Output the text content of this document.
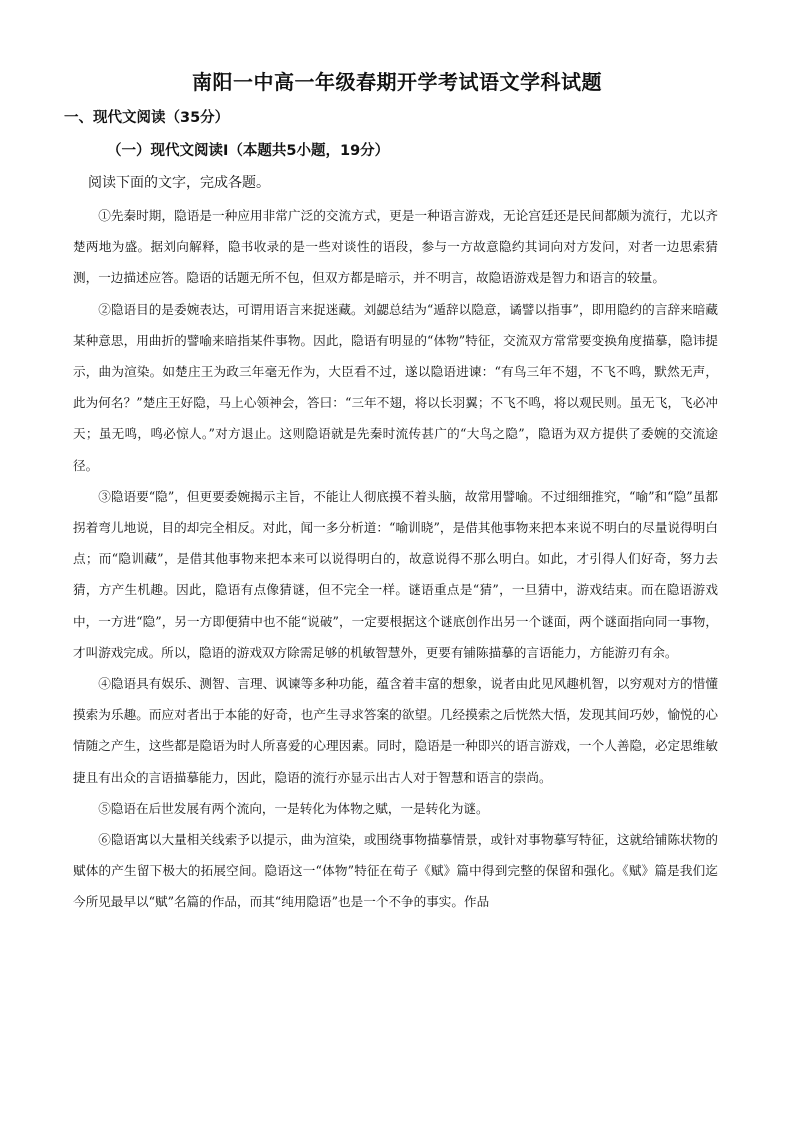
南阳一中高一年级春期开学考试语文学科试题
一、现代文阅读（35分）
（一）现代文阅读Ⅰ（本题共5小题，19分）

阅读下面的文字，完成各题。

①先秦时期，隐语是一种应用非常广泛的交流方式，更是一种语言游戏，无论宫廷还是民间都颇为流行，尤以齐楚两地为盛。据刘向解释，隐书收录的是一些对谈性的语段，参与一方故意隐约其词向对方发问，对者一边思索猜测，一边描述应答。隐语的话题无所不包，但双方都是暗示，并不明言，故隐语游戏是智力和语言的较量。

②隐语目的是委婉表达，可谓用语言来捉迷藏。刘勰总结为“遁辞以隐意，谲譬以指事”，即用隐约的言辞来暗藏某种意思，用曲折的譬喻来暗指某件事物。因此，隐语有明显的“体物”特征，交流双方常常要变换角度描摹，隐讳提示，曲为渲染。如楚庄王为政三年毫无作为，大臣看不过，遂以隐语进谏：“有鸟三年不翅，不飞不鸣，默然无声，此为何名？”楚庄王好隐，马上心领神会，答曰：“三年不翅，将以长羽翼；不飞不鸣，将以观民则。虽无飞，飞必冲天；虽无鸣，鸣必惊人。”对方退止。这则隐语就是先秦时流传甚广的“大鸟之隐”，隐语为双方提供了委婉的交流途径。

③隐语要“隐”，但更要委婉揭示主旨，不能让人彻底摸不着头脑，故常用譬喻。不过细细推究，“喻”和“隐”虽都拐着弯儿地说，目的却完全相反。对此，闻一多分析道：“喻训晓”，是借其他事物来把本来说不明白的尽量说得明白点；而“隐训藏”，是借其他事物来把本来可以说得明白的，故意说得不那么明白。如此，才引得人们好奇，努力去猜，方产生机趣。因此，隐语有点像猜谜，但不完全一样。谜语重点是“猜”，一旦猜中，游戏结束。而在隐语游戏中，一方进“隐”，另一方即便猜中也不能“说破”，一定要根据这个谜底创作出另一个谜面，两个谜面指向同一事物，才叫游戏完成。所以，隐语的游戏双方除需足够的机敏智慧外，更要有铺陈描摹的言语能力，方能游刃有余。

④隐语具有娱乐、测智、言理、讽谏等多种功能，蕴含着丰富的想象，说者由此见风趣机智，以穷观对方的惜懂摸索为乐趣。而应对者出于本能的好奇，也产生寻求答案的欲望。几经摸索之后恍然大悟，发现其间巧妙，愉悦的心情随之产生，这些都是隐语为时人所喜爱的心理因素。同时，隐语是一种即兴的语言游戏，一个人善隐，必定思维敏捷且有出众的言语描摹能力，因此，隐语的流行亦显示出古人对于智慧和语言的崇尚。

⑤隐语在后世发展有两个流向，一是转化为体物之赋，一是转化为谜。

⑥隐语寓以大量相关线索予以提示，曲为渲染，或围绕事物描摹情景，或针对事物摹写特征，这就给铺陈状物的赋体的产生留下极大的拓展空间。隐语这一“体物”特征在荀子《赋》篇中得到完整的保留和强化。《赋》篇是我们迄今所见最早以“赋”名篇的作品，而其“纯用隐语”也是一个不争的事实。作品
